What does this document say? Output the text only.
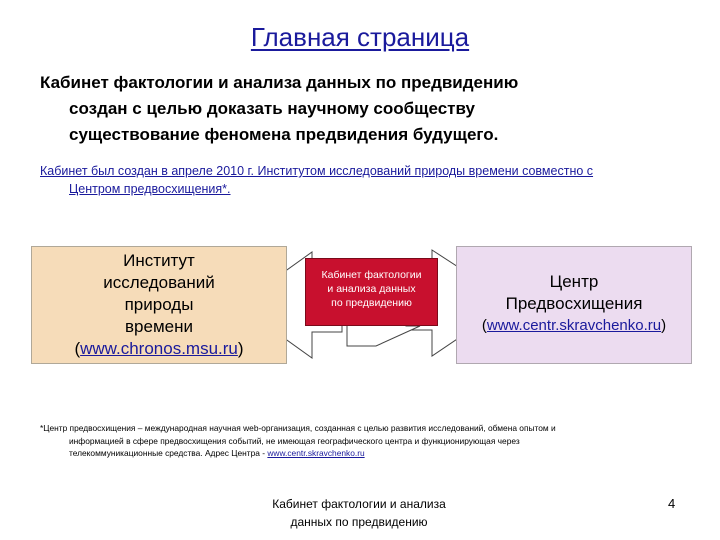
Главная страница
Кабинет фактологии и анализа данных по предвидению
создан с целью доказать научному сообществу
существование феномена предвидения будущего.
Кабинет был создан в апреле 2010 г. Институтом исследований природы времени совместно с
Центром предвосхищения*.
Институт
исследований
природы
времени
(www.chronos.msu.ru)
Центр
Предвосхищения
(www.centr.skravchenko.ru)
Кабинет фактологии
и анализа данных
по предвидению
*Центр предвосхищения – международная научная web-организация, созданная с целью развития исследований, обмена опытом и
информацией в сфере предвосхищения событий, не имеющая географического центра и функционирующая через
телекоммуникационные средства. Адрес Центра - www.centr.skravchenko.ru
Кабинет фактологии и анализа
данных по предвидению
4
